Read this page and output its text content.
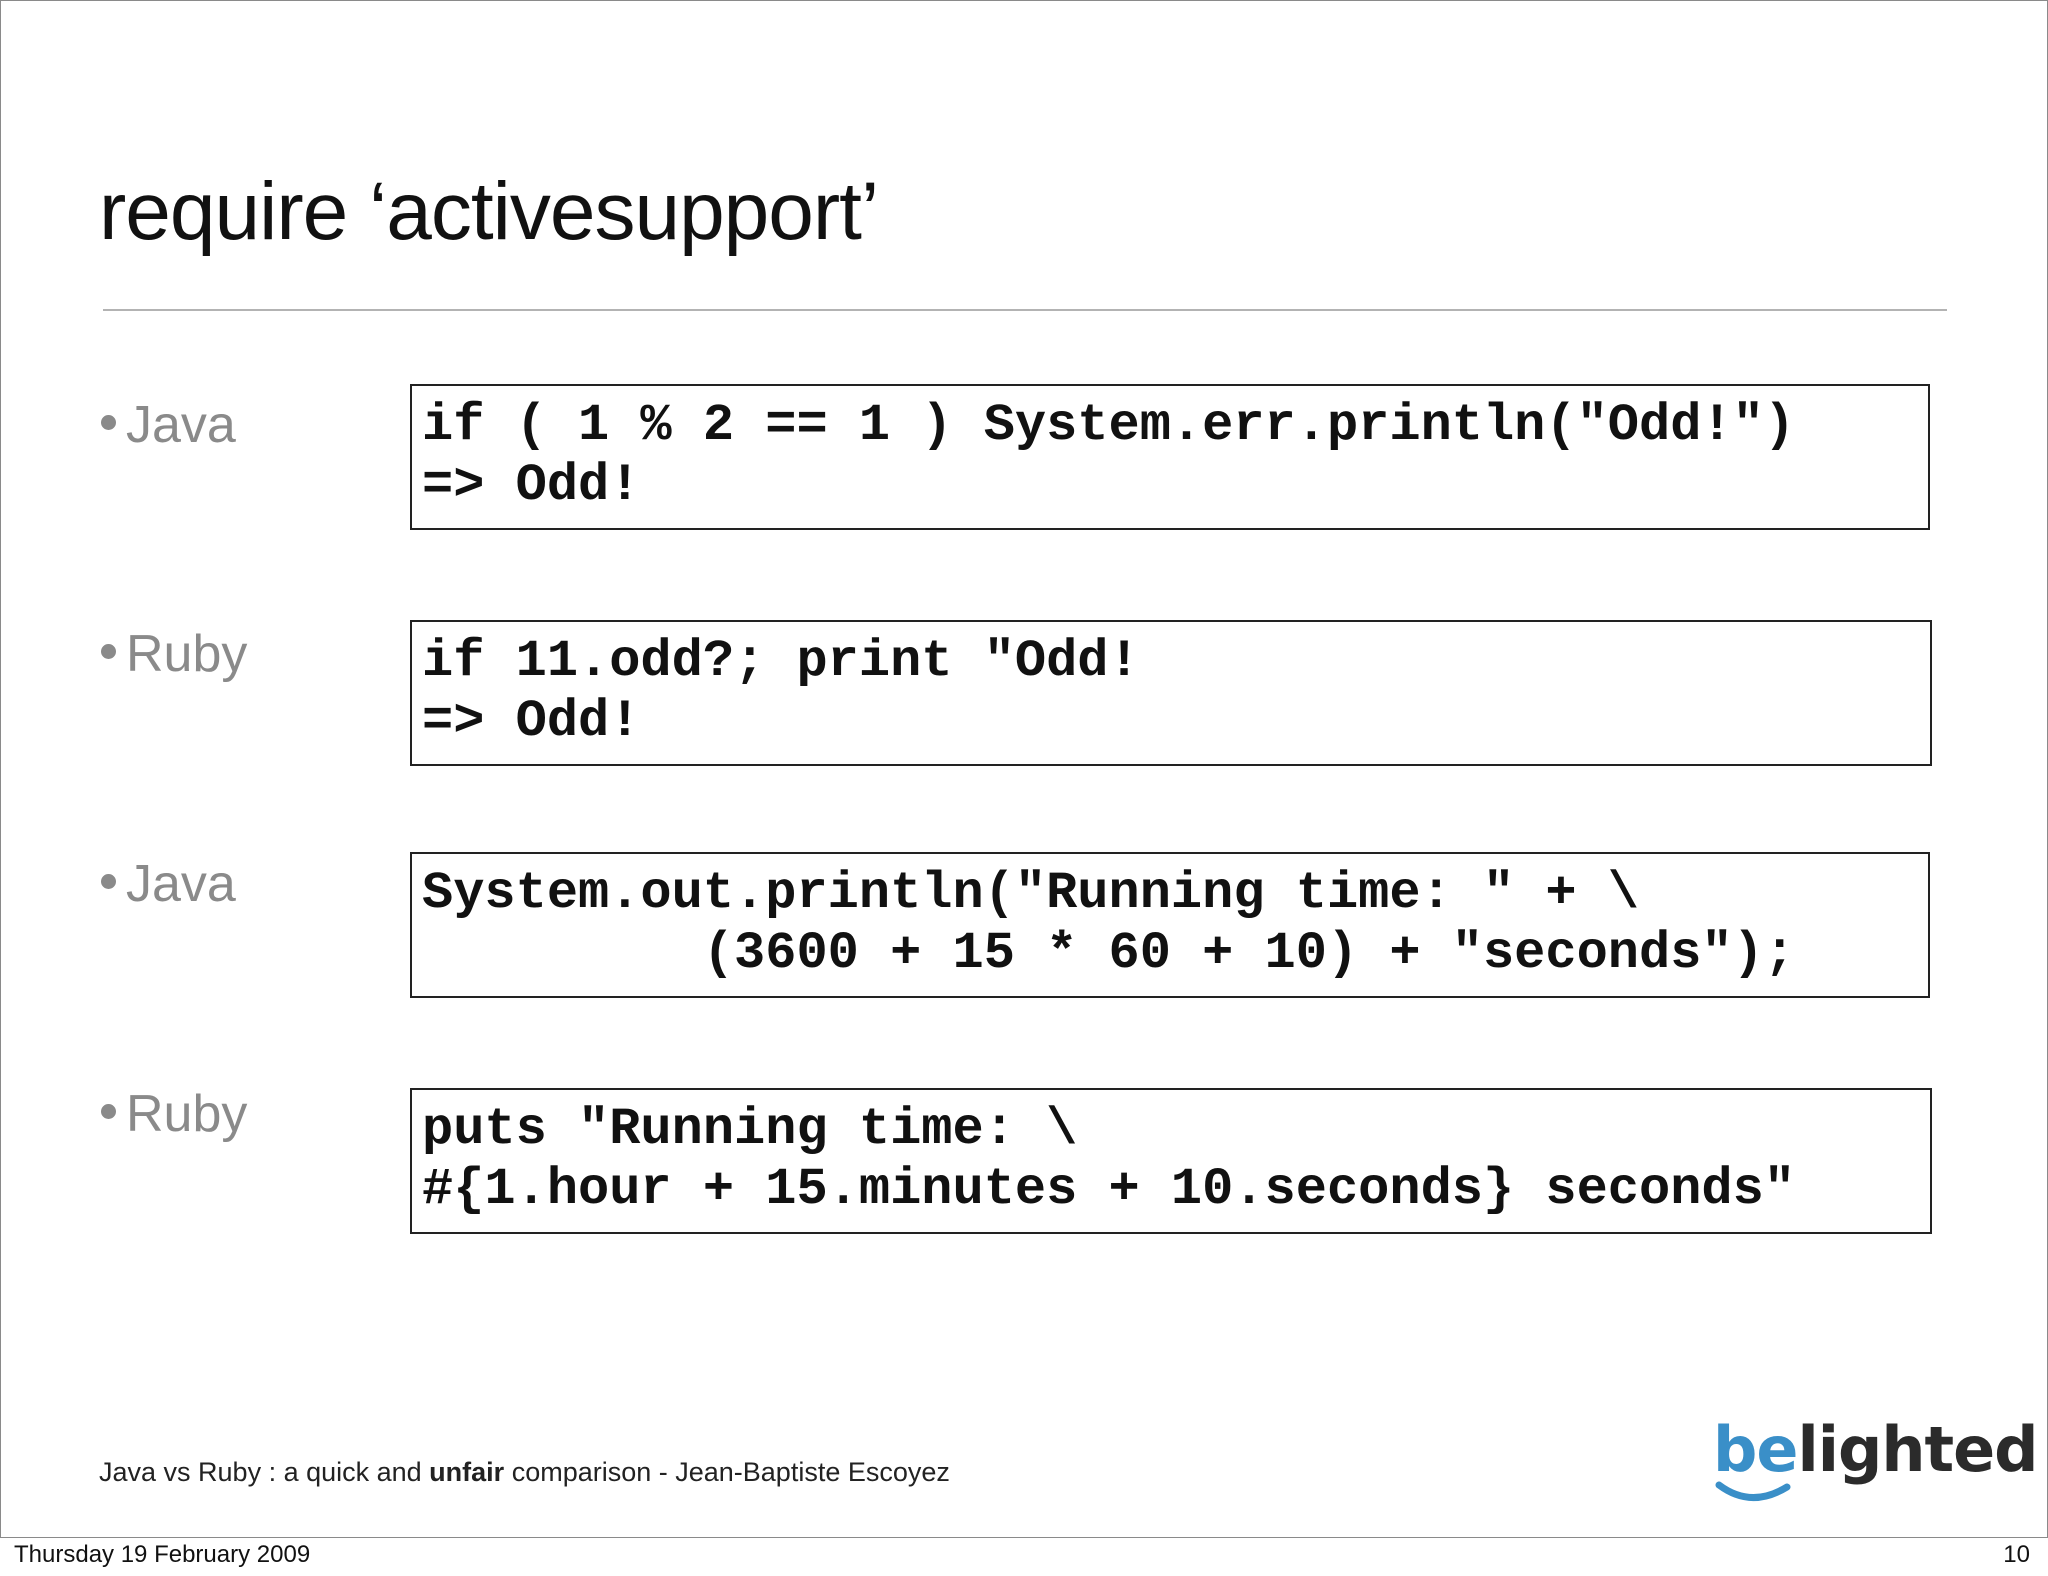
require ‘activesupport’
Java	if ( 1 % 2 == 1 ) System.err.println("Odd!")
=> Odd!
Ruby	if 11.odd?; print "Odd!
=> Odd!
Java	System.out.println("Running time: " + \
(3600 + 15 * 60 + 10) + "seconds");
Ruby	puts "Running time: \
#{1.hour + 15.minutes + 10.seconds} seconds"
Java vs Ruby : a quick and unfair comparison - Jean-Baptiste Escoyez	belighted
Thursday 19 February 2009	10
